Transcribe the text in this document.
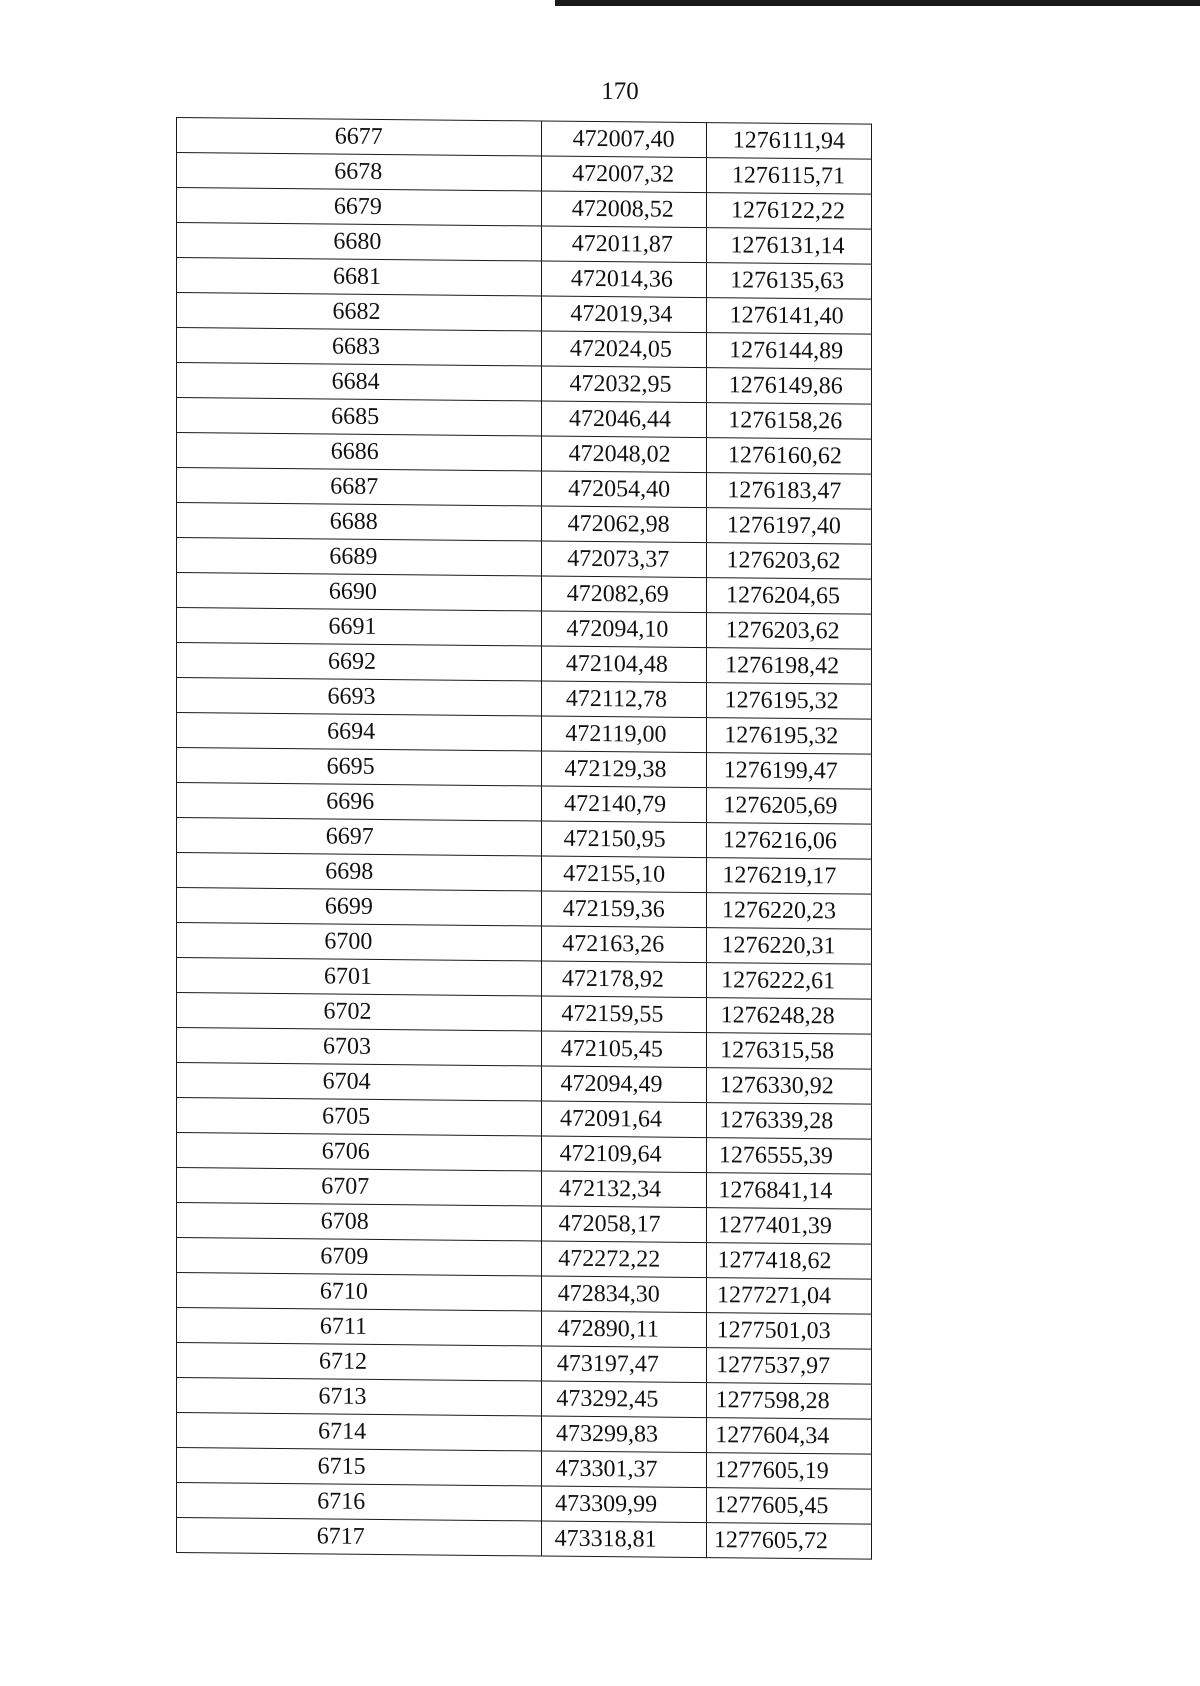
170
6677	472007,40	1276111,94
6678	472007,32	1276115,71
6679	472008,52	1276122,22
6680	472011,87	1276131,14
6681	472014,36	1276135,63
6682	472019,34	1276141,40
6683	472024,05	1276144,89
6684	472032,95	1276149,86
6685	472046,44	1276158,26
6686	472048,02	1276160,62
6687	472054,40	1276183,47
6688	472062,98	1276197,40
6689	472073,37	1276203,62
6690	472082,69	1276204,65
6691	472094,10	1276203,62
6692	472104,48	1276198,42
6693	472112,78	1276195,32
6694	472119,00	1276195,32
6695	472129,38	1276199,47
6696	472140,79	1276205,69
6697	472150,95	1276216,06
6698	472155,10	1276219,17
6699	472159,36	1276220,23
6700	472163,26	1276220,31
6701	472178,92	1276222,61
6702	472159,55	1276248,28
6703	472105,45	1276315,58
6704	472094,49	1276330,92
6705	472091,64	1276339,28
6706	472109,64	1276555,39
6707	472132,34	1276841,14
6708	472058,17	1277401,39
6709	472272,22	1277418,62
6710	472834,30	1277271,04
6711	472890,11	1277501,03
6712	473197,47	1277537,97
6713	473292,45	1277598,28
6714	473299,83	1277604,34
6715	473301,37	1277605,19
6716	473309,99	1277605,45
6717	473318,81	1277605,72
